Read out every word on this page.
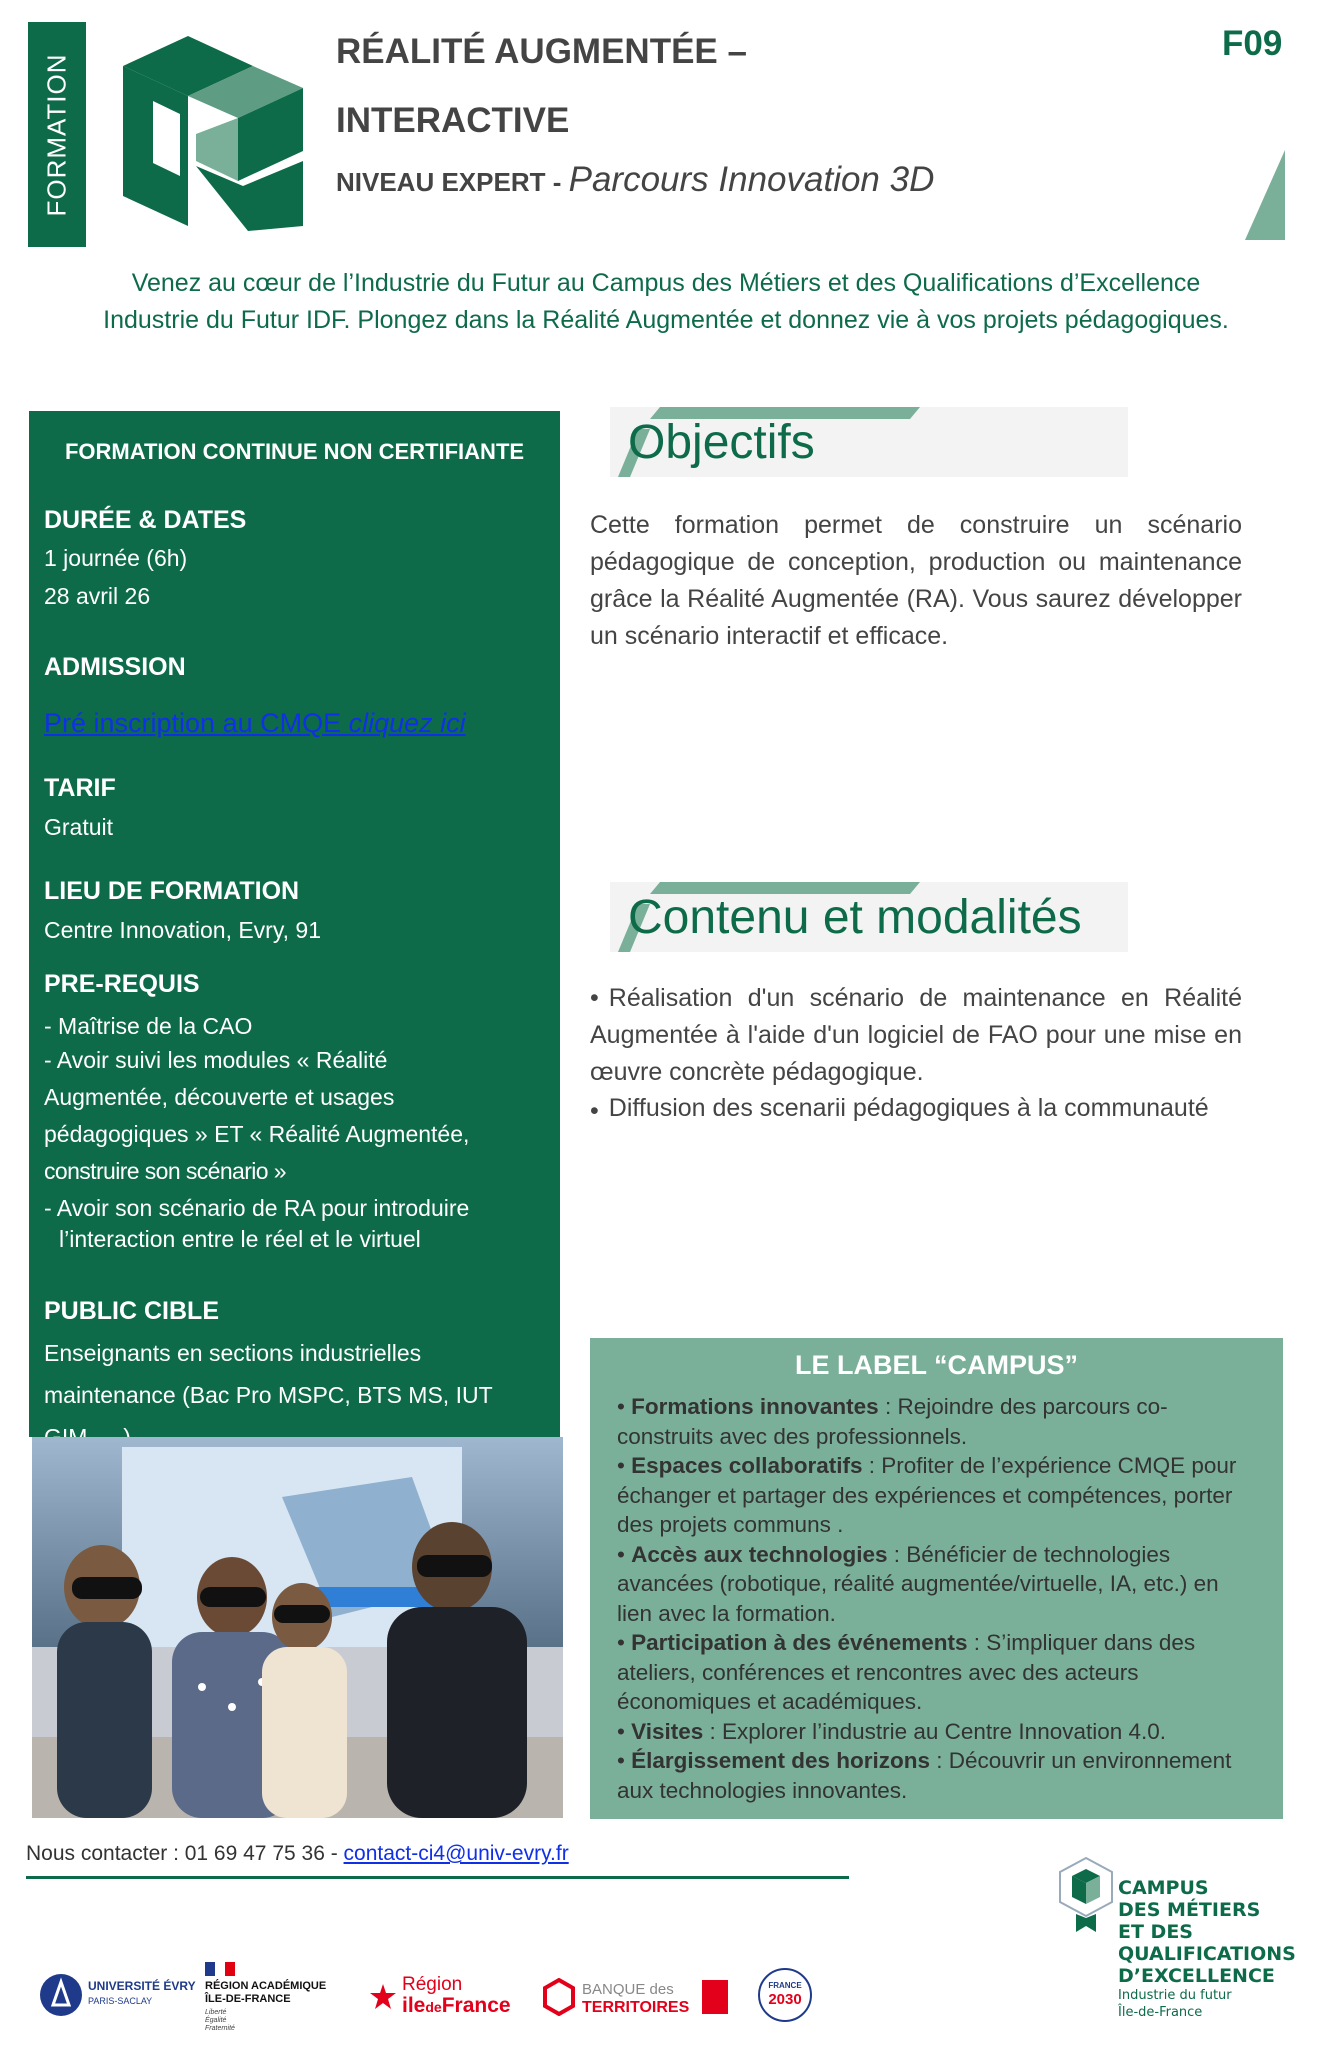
FORMATION
RÉALITÉ AUGMENTÉE –
INTERACTIVE
NIVEAU EXPERT - Parcours Innovation 3D
F09
Venez au cœur de l’Industrie du Futur au Campus des Métiers et des Qualifications d’Excellence
Industrie du Futur IDF. Plongez dans la Réalité Augmentée et donnez vie à vos projets pédagogiques.
FORMATION CONTINUE NON CERTIFIANTE
DURÉE & DATES
1 journée (6h)
28 avril 26
ADMISSION
Pré inscription au CMQE cliquez ici
TARIF
Gratuit
LIEU DE FORMATION
Centre Innovation, Evry, 91
PRE-REQUIS
- Maîtrise de la CAO
- Avoir suivi les modules « Réalité
Augmentée, découverte et usages
pédagogiques » ET « Réalité Augmentée,
construire son scénario »
- Avoir son scénario de RA pour introduire
l’interaction entre le réel et le virtuel
PUBLIC CIBLE
Enseignants en sections industrielles
maintenance (Bac Pro MSPC, BTS MS, IUT
Objectifs
Cette formation permet de construire un scénario pédagogique de conception, production ou maintenance grâce la Réalité Augmentée (RA). Vous saurez développer un scénario interactif et efficace.
Contenu et modalités
• Réalisation d'un scénario de maintenance en Réalité Augmentée à l'aide d'un logiciel de FAO pour une mise en œuvre concrète pédagogique.
• Diffusion des scenarii pédagogiques à la communauté
LE LABEL “CAMPUS”

• Formations innovantes : Rejoindre des parcours co-construits avec des professionnels.

• Espaces collaboratifs : Profiter de l’expérience CMQE pour échanger et partager des expériences et compétences, porter des projets communs .

• Accès aux technologies : Bénéficier de technologies avancées (robotique, réalité augmentée/virtuelle, IA, etc.) en lien avec la formation.

• Participation à des événements : S’impliquer dans des ateliers, conférences et rencontres avec des acteurs économiques et académiques.

• Visites : Explorer l’industrie au Centre Innovation 4.0.

• Élargissement des horizons : Découvrir un environnement aux technologies innovantes.

Nous contacter : 01 69 47 75 36 - contact-ci4@univ-evry.fr
UNIVERSITÉ ÉVRY
PARIS-SACLAY
RÉGION ACADÉMIQUE
ÎLE-DE-FRANCE
Liberté
Égalité
Fraternité
Région
iledeFrance
BANQUE des
TERRITOIRES
FRANCE
2030
CAMPUS
DES MÉTIERS
ET DES
QUALIFICATIONS
D’EXCELLENCE
Industrie du futur
Île-de-France
